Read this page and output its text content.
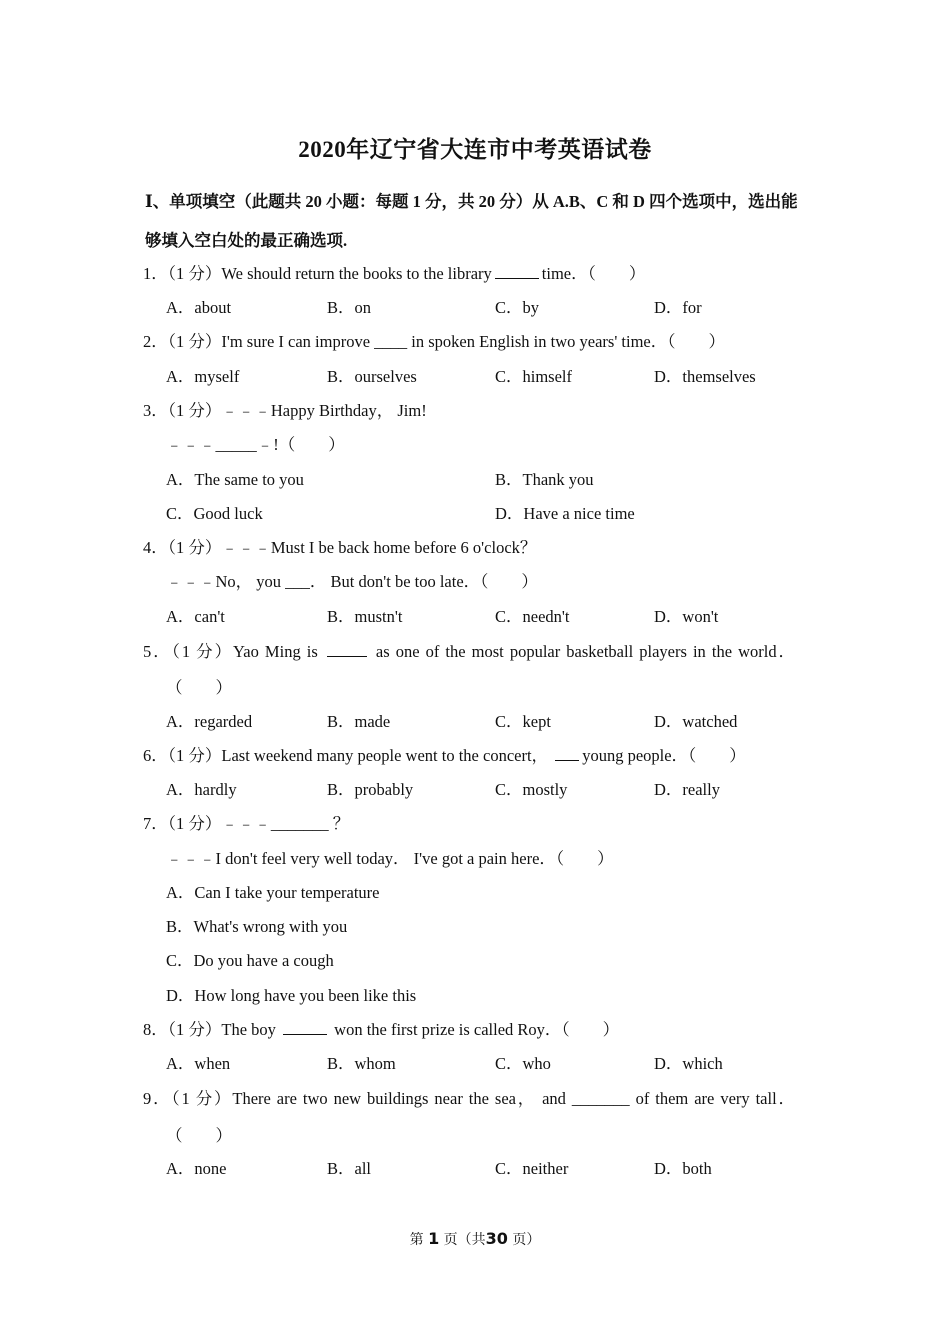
2020年辽宁省大连市中考英语试卷
Ⅰ、单项填空（此题共 20 小题：每题 1 分，共 20 分）从 A.B、C 和 D 四个选项中，选出能
够填入空白处的最正确选项.
1．（1 分）We should return the books to the library	time．（　　）
A．about	B．on	C．by	D．for
2．（1 分）I'm sure I can improve ____ in spoken English in two years' time．（　　）
A．myself	B．ourselves	C．himself	D．themselves
3．（1 分）﹣﹣﹣Happy Birthday， Jim!
﹣﹣﹣_____﹣!（　　）
A．The same to you	B．Thank you
C．Good luck	D．Have a nice time
4．（1 分）﹣﹣﹣Must I be back home before 6 o'clock？
﹣﹣﹣No， you ___． But don't be too late．（　　）
A．can't	B．mustn't	C．needn't	D．won't
5．（1 分）Yao Ming is	as one of the most popular basketball players in the world．
（　　）
A．regarded	B．made	C．kept	D．watched
6．（1 分）Last weekend many people went to the concert， young people．（　　）
A．hardly	B．probably	C．mostly	D．really
7．（1 分）﹣﹣﹣_______ ？
﹣﹣﹣I don't feel very well today． I've got a pain here．（　　）
A．Can I take your temperature
B．What's wrong with you
C．Do you have a cough
D．How long have you been like this
8．（1 分）The boy	won the first prize is called Roy．（　　）
A．when	B．whom	C．who	D．which
9．（1 分）There are two new buildings near the sea， and _______ of them are very tall．
（　　）
A．none	B．all	C．neither	D．both
第 1 页（共30 页）
